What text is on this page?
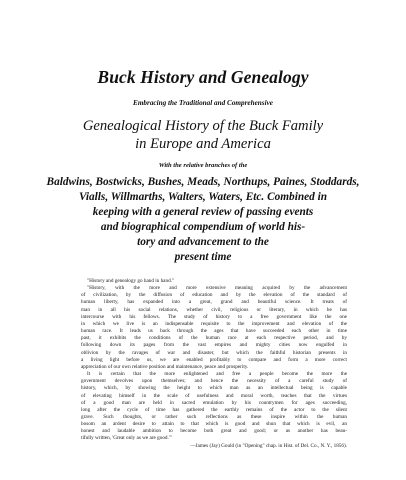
Buck History and Genealogy
Embracing the Traditional and Comprehensive
Genealogical History of the Buck Family
in Europe and America
With the relative branches of the
Baldwins, Bostwicks, Bushes, Meads, Northups, Paines, Stoddards,
Vialls, Willmarths, Walters, Waters, Etc. Combined in
keeping with a general review of passing events
and biographical compendium of world his-
tory and advancement to the
present time
"History and genealogy go hand in hand."
"History, with the more and more extensive meaning acquired by the advancement
of civilization, by the diffusion of education and by the elevation of the standard of
human liberty, has expanded into a great, grand and beautiful science. It treats of
man in all his social relations, whether civil, religious or literary, in which he has
intercourse with his fellows. The study of history to a free government like the one
in which we live is an indispensable requisite to the improvement and elevation of the
human race. It leads us back through the ages that have succeeded each other in time
past, it exhibits the conditions of the human race at each respective period, and by
following down its pages from the vast empires and mighty cities now engulfed in
oblivion by the ravages of war and disaster, but which the faithful historian presents in
a living light before us, we are enabled profitably to compare and form a more correct
appreciation of our own relative position and maintenance, peace and prosperity.
It is certain that the more enlightened and free a people become the more the
government devolves upon themselves; and hence the necessity of a careful study of
history, which, by showing the height to which man as an intellectual being is capable
of elevating himself in the scale of usefulness and moral worth, teaches that the virtues
of a good man are held in sacred emulation by his countrymen for ages succeeding,
long after the cycle of time has gathered the earthly remains of the actor to the silent
grave. Such thoughts, or rather such reflections as these inspire within the human
bosom an ardent desire to attain to that which is good and shun that which is evil, an
honest and laudable ambition to become both great and good; or as another has beau-
tifully written, 'Great only as we are good.'"
—James (Jay) Gould (in "Opening" chap. in Hist. of Del. Co., N. Y., 1856).
